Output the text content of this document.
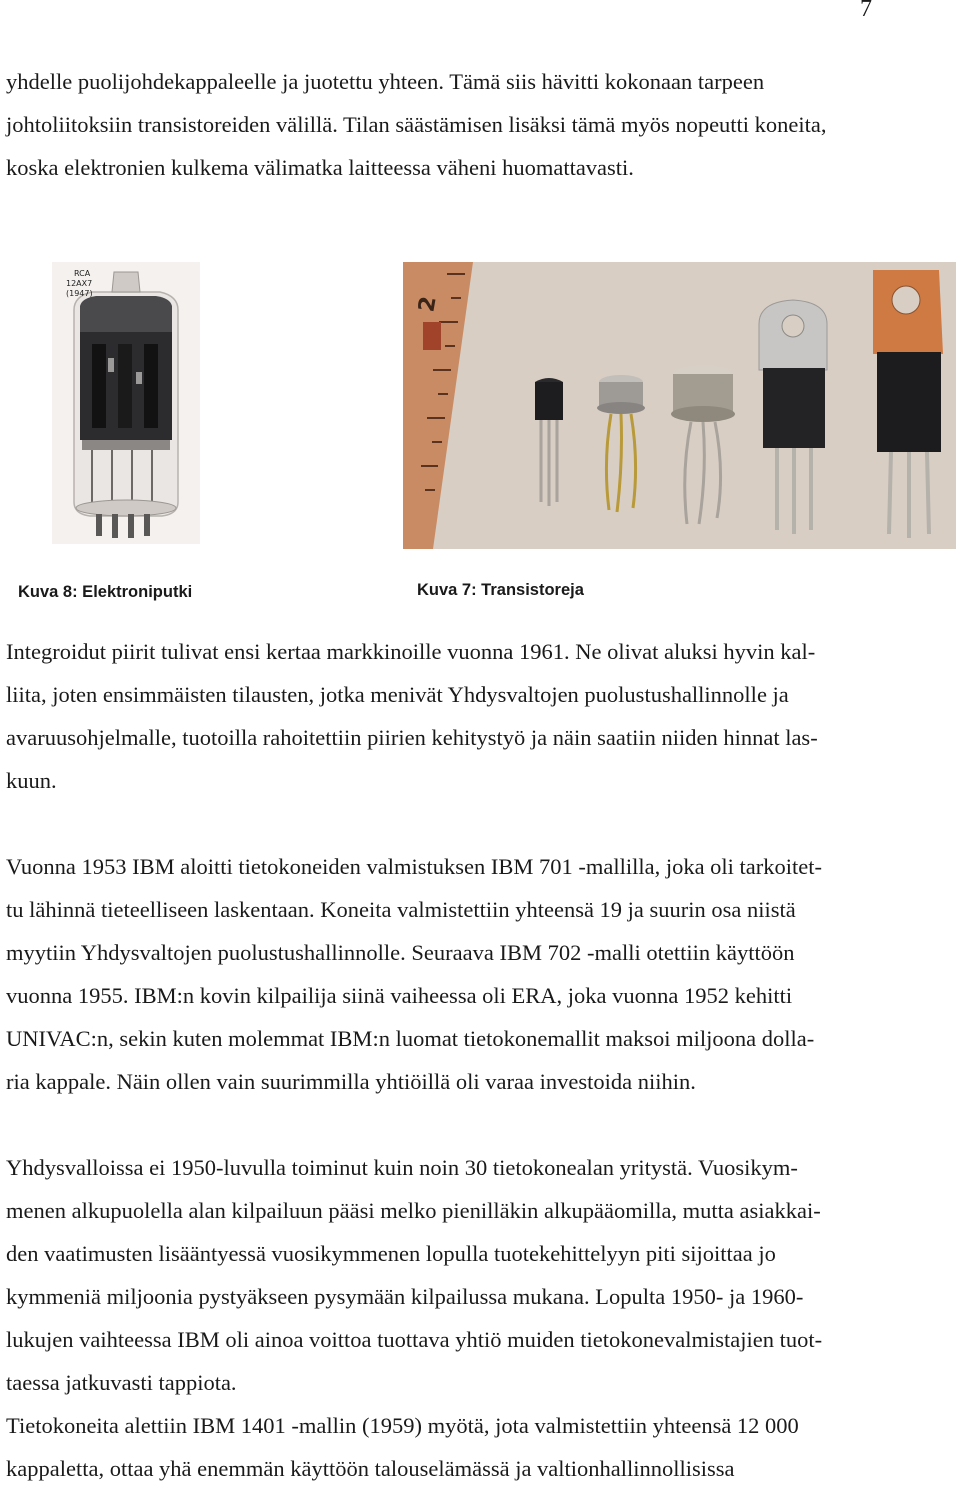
7
yhdelle puolijohdekappaleelle ja juotettu yhteen. Tämä siis hävitti kokonaan tarpeen
johtoliitoksiin transistoreiden välillä. Tilan säästämisen lisäksi tämä myös nopeutti koneita,
koska elektronien kulkema välimatka laitteessa väheni huomattavasti.
RCA
12AX7
(1947)
2
Kuva 8: Elektroniputki	Kuva 7: Transistoreja
Integroidut piirit tulivat ensi kertaa markkinoille vuonna 1961. Ne olivat aluksi hyvin kal-
liita, joten ensimmäisten tilausten, jotka menivät Yhdysvaltojen puolustushallinnolle ja
avaruusohjelmalle, tuotoilla rahoitettiin piirien kehitystyö ja näin saatiin niiden hinnat las-
kuun.
Vuonna 1953 IBM aloitti tietokoneiden valmistuksen IBM 701 -mallilla, joka oli tarkoitet-
tu lähinnä tieteelliseen laskentaan. Koneita valmistettiin yhteensä 19 ja suurin osa niistä
myytiin Yhdysvaltojen puolustushallinnolle. Seuraava IBM 702 -malli otettiin käyttöön
vuonna 1955. IBM:n kovin kilpailija siinä vaiheessa oli ERA, joka vuonna 1952 kehitti
UNIVAC:n, sekin kuten molemmat IBM:n luomat tietokonemallit maksoi miljoona dolla-
ria kappale. Näin ollen vain suurimmilla yhtiöillä oli varaa investoida niihin.
Yhdysvalloissa ei 1950-luvulla toiminut kuin noin 30 tietokonealan yritystä. Vuosikym-
menen alkupuolella alan kilpailuun pääsi melko pienilläkin alkupääomilla, mutta asiakkai-
den vaatimusten lisääntyessä vuosikymmenen lopulla tuotekehittelyyn piti sijoittaa jo
kymmeniä miljoonia pystyäkseen pysymään kilpailussa mukana. Lopulta 1950- ja 1960-
lukujen vaihteessa IBM oli ainoa voittoa tuottava yhtiö muiden tietokonevalmistajien tuot-
taessa jatkuvasti tappiota.
Tietokoneita alettiin IBM 1401 -mallin (1959) myötä, jota valmistettiin yhteensä 12 000
kappaletta, ottaa yhä enemmän käyttöön talouselämässä ja valtionhallinnollisissa
